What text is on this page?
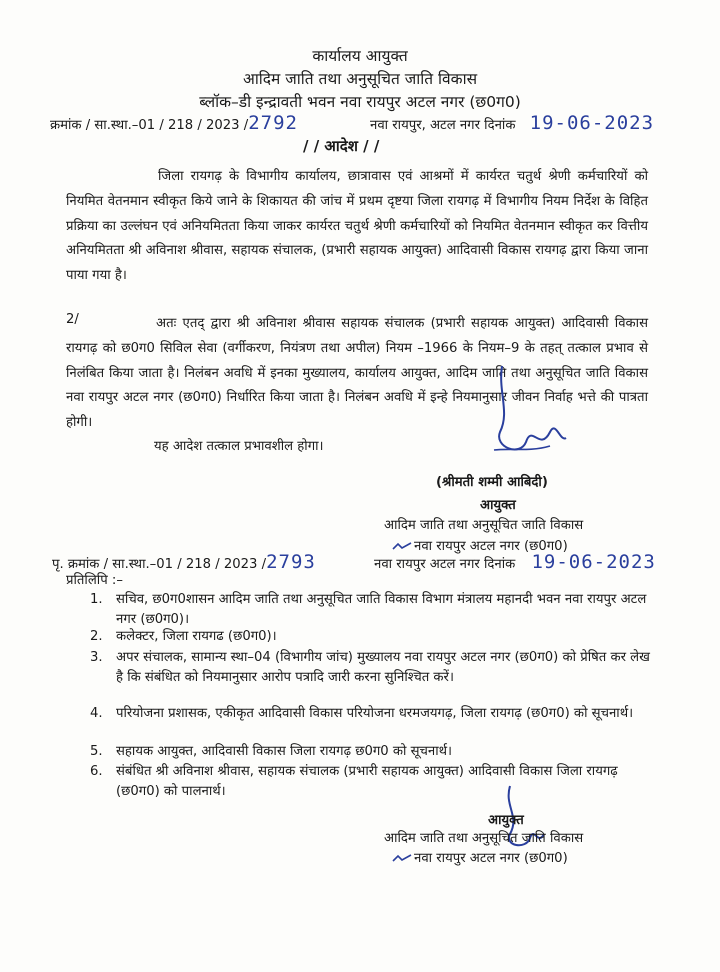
कार्यालय आयुक्त
आदिम जाति तथा अनुसूचित जाति विकास
ब्लॉक–डी इन्द्रावती भवन नवा रायपुर अटल नगर (छ0ग0)
क्रमांक / सा.स्था.–01 / 218 / 2023 /2792	नवा रायपुर, अटल नगर दिनांक 19-06-2023
/ / आदेश / /
जिला रायगढ़ के विभागीय कार्यालय, छात्रावास एवं आश्रमों में कार्यरत चतुर्थ श्रेणी कर्मचारियों को नियमित वेतनमान स्वीकृत किये जाने के शिकायत की जांच में प्रथम दृष्टया जिला रायगढ़ में विभागीय नियम निर्देश के विहित प्रक्रिया का उल्लंघन एवं अनियमितता किया जाकर कार्यरत चतुर्थ श्रेणी कर्मचारियों को नियमित वेतनमान स्वीकृत कर वित्तीय अनियमितता श्री अविनाश श्रीवास, सहायक संचालक, (प्रभारी सहायक आयुक्त) आदिवासी विकास रायगढ़ द्वारा किया जाना पाया गया है।
2/	अतः एतद् द्वारा श्री अविनाश श्रीवास सहायक संचालक (प्रभारी सहायक आयुक्त) आदिवासी विकास रायगढ़ को छ0ग0 सिविल सेवा (वर्गीकरण, नियंत्रण तथा अपील) नियम –1966 के नियम–9 के तहत् तत्काल प्रभाव से निलंबित किया जाता है। निलंबन अवधि में इनका मुख्यालय, कार्यालय आयुक्त, आदिम जाति तथा अनुसूचित जाति विकास नवा रायपुर अटल नगर (छ0ग0) निर्धारित किया जाता है। निलंबन अवधि में इन्हे नियमानुसार जीवन निर्वाह भत्ते की पात्रता होगी।
यह आदेश तत्काल प्रभावशील होगा।
(श्रीमती शम्मी आबिदी)
आयुक्त
आदिम जाति तथा अनुसूचित जाति विकास
नवा रायपुर अटल नगर (छ0ग0)
पृ. क्रमांक / सा.स्था.–01 / 218 / 2023 /2793	नवा रायपुर अटल नगर दिनांक 19-06-2023
प्रतिलिपि :–
1. सचिव, छ0ग0शासन आदिम जाति तथा अनुसूचित जाति विकास विभाग मंत्रालय महानदी भवन नवा रायपुर अटल नगर (छ0ग0)।
2. कलेक्टर, जिला रायगढ (छ0ग0)।
3. अपर संचालक, सामान्य स्था–04 (विभागीय जांच) मुख्यालय नवा रायपुर अटल नगर (छ0ग0) को प्रेषित कर लेख है कि संबंधित को नियमानुसार आरोप पत्रादि जारी करना सुनिश्चित करें।
4. परियोजना प्रशासक, एकीकृत आदिवासी विकास परियोजना धरमजयगढ़, जिला रायगढ़ (छ0ग0) को सूचनार्थ।
5. सहायक आयुक्त, आदिवासी विकास जिला रायगढ़ छ0ग0 को सूचनार्थ।
6. संबंधित श्री अविनाश श्रीवास, सहायक संचालक (प्रभारी सहायक आयुक्त) आदिवासी विकास जिला रायगढ़ (छ0ग0) को पालनार्थ।
आयुक्त
आदिम जाति तथा अनुसूचित जाति विकास
नवा रायपुर अटल नगर (छ0ग0)
